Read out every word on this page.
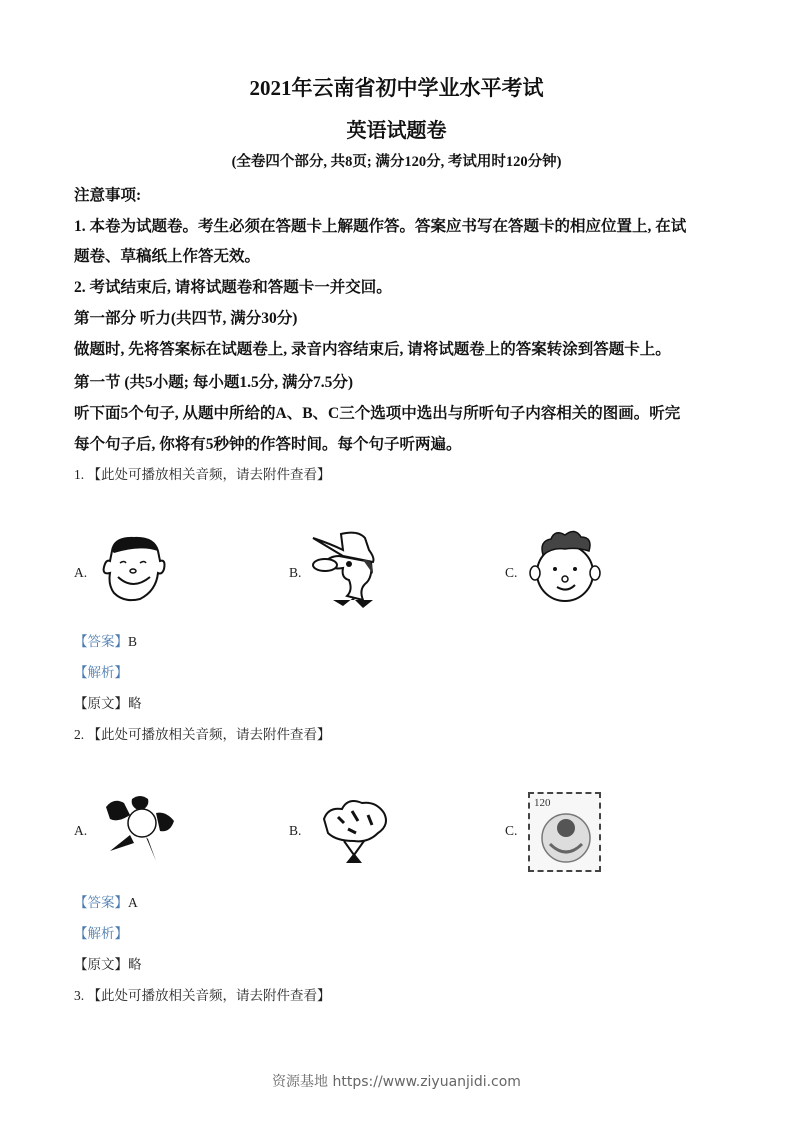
2021年云南省初中学业水平考试
英语试题卷
(全卷四个部分, 共8页; 满分120分, 考试用时120分钟)
注意事项:
1. 本卷为试题卷。考生必须在答题卡上解题作答。答案应书写在答题卡的相应位置上, 在试
题卷、草稿纸上作答无效。
2. 考试结束后, 请将试题卷和答题卡一并交回。
第一部分 听力(共四节, 满分30分)
做题时, 先将答案标在试题卷上, 录音内容结束后, 请将试题卷上的答案转涂到答题卡上。
第一节 (共5小题; 每小题1.5分, 满分7.5分)
听下面5个句子, 从题中所给的A、B、C三个选项中选出与所听句子内容相关的图画。听完
每个句子后, 你将有5秒钟的作答时间。每个句子听两遍。
1. 【此处可播放相关音频，请去附件查看】
A.	B.	C.
【答案】B
【解析】
【原文】略
2. 【此处可播放相关音频，请去附件查看】
A.	B.	C.
120
【答案】A
【解析】
【原文】略
3. 【此处可播放相关音频，请去附件查看】
资源基地 https://www.ziyuanjidi.com
